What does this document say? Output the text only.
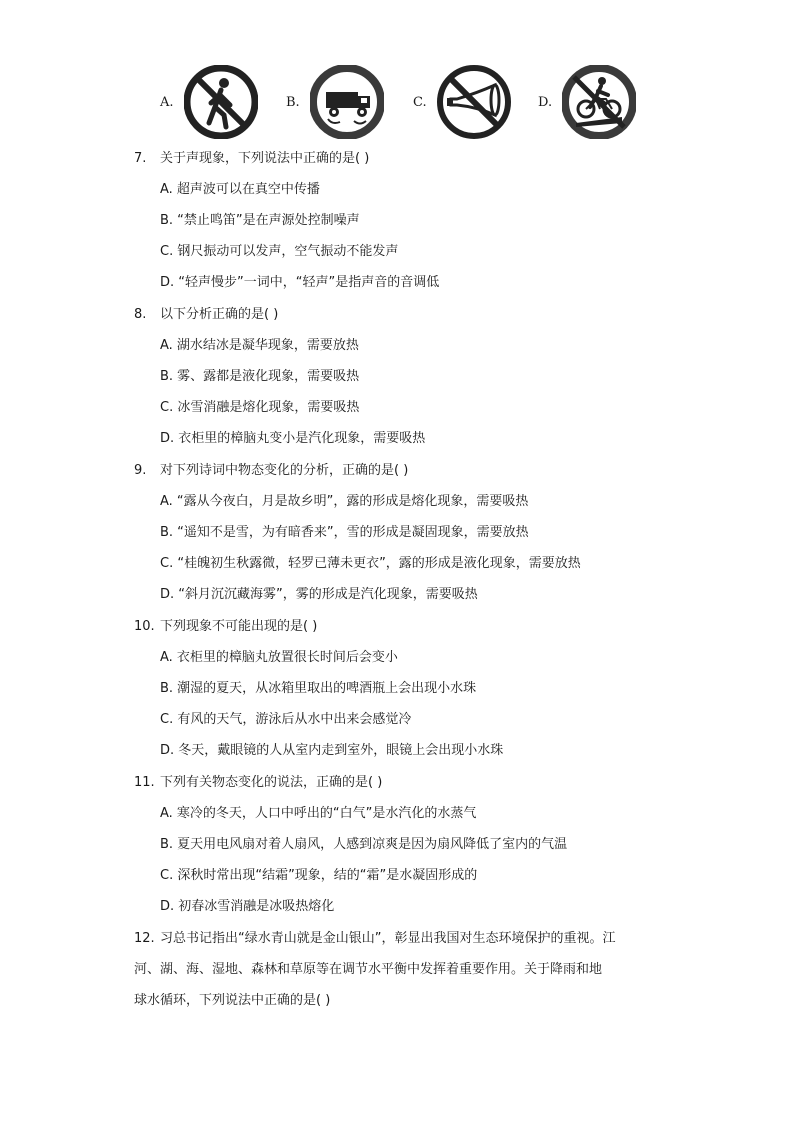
A.	B.	C.	D.
7. 关于声现象，下列说法中正确的是( )
A. 超声波可以在真空中传播
B. “禁止鸣笛”是在声源处控制噪声
C. 钢尺振动可以发声，空气振动不能发声
D. “轻声慢步”一词中，“轻声”是指声音的音调低
8. 以下分析正确的是( )
A. 湖水结冰是凝华现象，需要放热
B. 雾、露都是液化现象，需要吸热
C. 冰雪消融是熔化现象，需要吸热
D. 衣柜里的樟脑丸变小是汽化现象，需要吸热
9. 对下列诗词中物态变化的分析，正确的是( )
A. “露从今夜白，月是故乡明”，露的形成是熔化现象，需要吸热
B. “遥知不是雪，为有暗香来”，雪的形成是凝固现象，需要放热
C. “桂魄初生秋露微，轻罗已薄未更衣”，露的形成是液化现象，需要放热
D. “斜月沉沉藏海雾”，雾的形成是汽化现象，需要吸热
10. 下列现象不可能出现的是( )
A. 衣柜里的樟脑丸放置很长时间后会变小
B. 潮湿的夏天，从冰箱里取出的啤酒瓶上会出现小水珠
C. 有风的天气，游泳后从水中出来会感觉冷
D. 冬天，戴眼镜的人从室内走到室外，眼镜上会出现小水珠
11. 下列有关物态变化的说法，正确的是( )
A. 寒冷的冬天，人口中呼出的“白气”是水汽化的水蒸气
B. 夏天用电风扇对着人扇风，人感到凉爽是因为扇风降低了室内的气温
C. 深秋时常出现“结霜”现象，结的“霜”是水凝固形成的
D. 初春冰雪消融是冰吸热熔化
12. 习总书记指出“绿水青山就是金山银山”，彰显出我国对生态环境保护的重视。江
河、湖、海、湿地、森林和草原等在调节水平衡中发挥着重要作用。关于降雨和地
球水循环，下列说法中正确的是( )
